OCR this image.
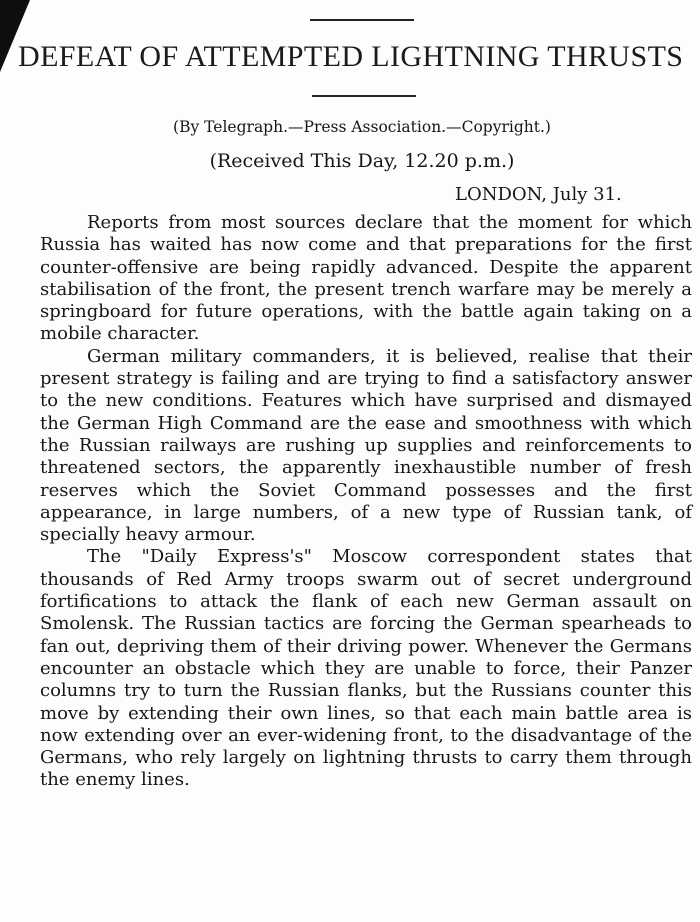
DEFEAT OF ATTEMPTED LIGHTNING THRUSTS
(By Telegraph.—Press Association.—Copyright.)
(Received This Day, 12.20 p.m.)
LONDON, July 31.

Reports from most sources declare that the moment for which Russia has waited has now come and that preparations for the first counter-offensive are being rapidly advanced. Despite the apparent stabilisation of the front, the present trench warfare may be merely a springboard for future operations, with the battle again taking on a mobile character.

German military commanders, it is believed, realise that their present strategy is failing and are trying to find a satisfactory answer to the new conditions. Features which have surprised and dismayed the German High Command are the ease and smoothness with which the Russian railways are rushing up supplies and reinforcements to threatened sectors, the apparently inexhaustible number of fresh reserves which the Soviet Command possesses and the first appearance, in large numbers, of a new type of Russian tank, of specially heavy armour.

The "Daily Express's" Moscow correspondent states that thousands of Red Army troops swarm out of secret underground fortifications to attack the flank of each new German assault on Smolensk. The Russian tactics are forcing the German spearheads to fan out, depriving them of their driving power. Whenever the Germans encounter an obstacle which they are unable to force, their Panzer columns try to turn the Russian flanks, but the Russians counter this move by extending their own lines, so that each main battle area is now extending over an ever-widening front, to the disadvantage of the Germans, who rely largely on lightning thrusts to carry them through the enemy lines.
